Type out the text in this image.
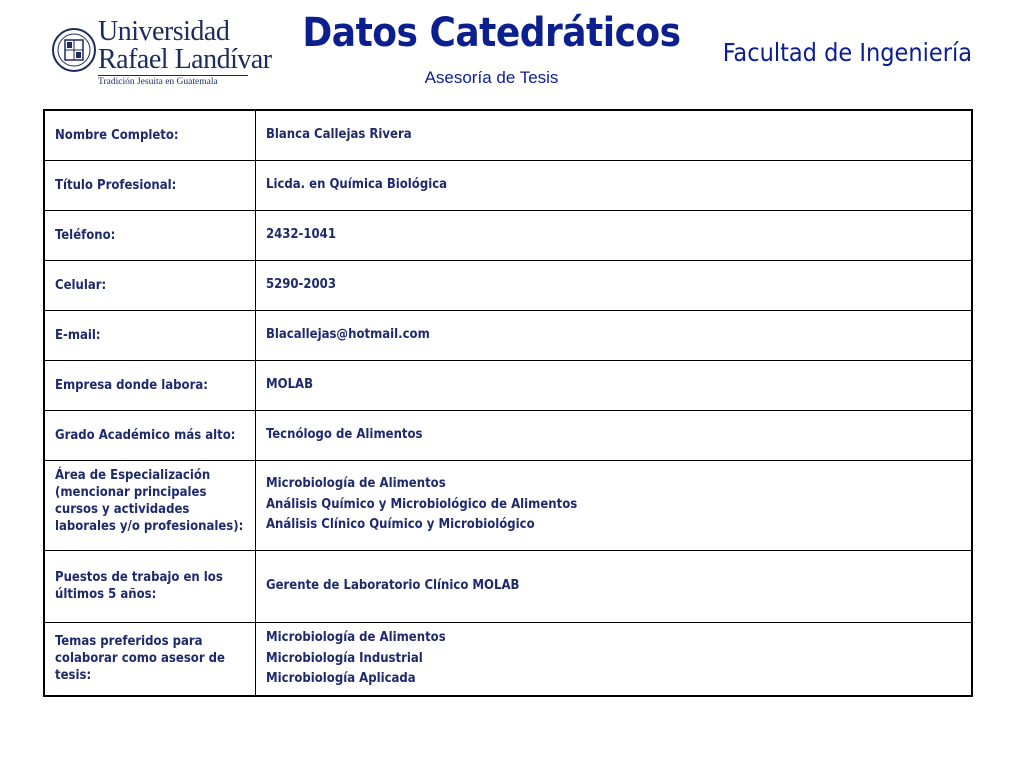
Universidad
Rafael Landívar
Tradición Jesuita en Guatemala
Datos Catedráticos
Asesoría de Tesis
Facultad de Ingeniería
Nombre Completo:	Blanca Callejas Rivera

Título Profesional:	Licda. en Química Biológica

Teléfono:	2432-1041

Celular:	5290-2003

E-mail:	Blacallejas@hotmail.com

Empresa donde labora:	MOLAB

Grado Académico más alto:	Tecnólogo de Alimentos

Área de Especialización (mencionar principales cursos y actividades laborales y/o profesionales):	Microbiología de Alimentos
Análisis Químico y Microbiológico de Alimentos
Análisis Clínico Químico y Microbiológico

Puestos de trabajo en los últimos 5 años:	Gerente de Laboratorio Clínico MOLAB

Temas preferidos para colaborar como asesor de tesis:	Microbiología de Alimentos
Microbiología Industrial
Microbiología Aplicada
